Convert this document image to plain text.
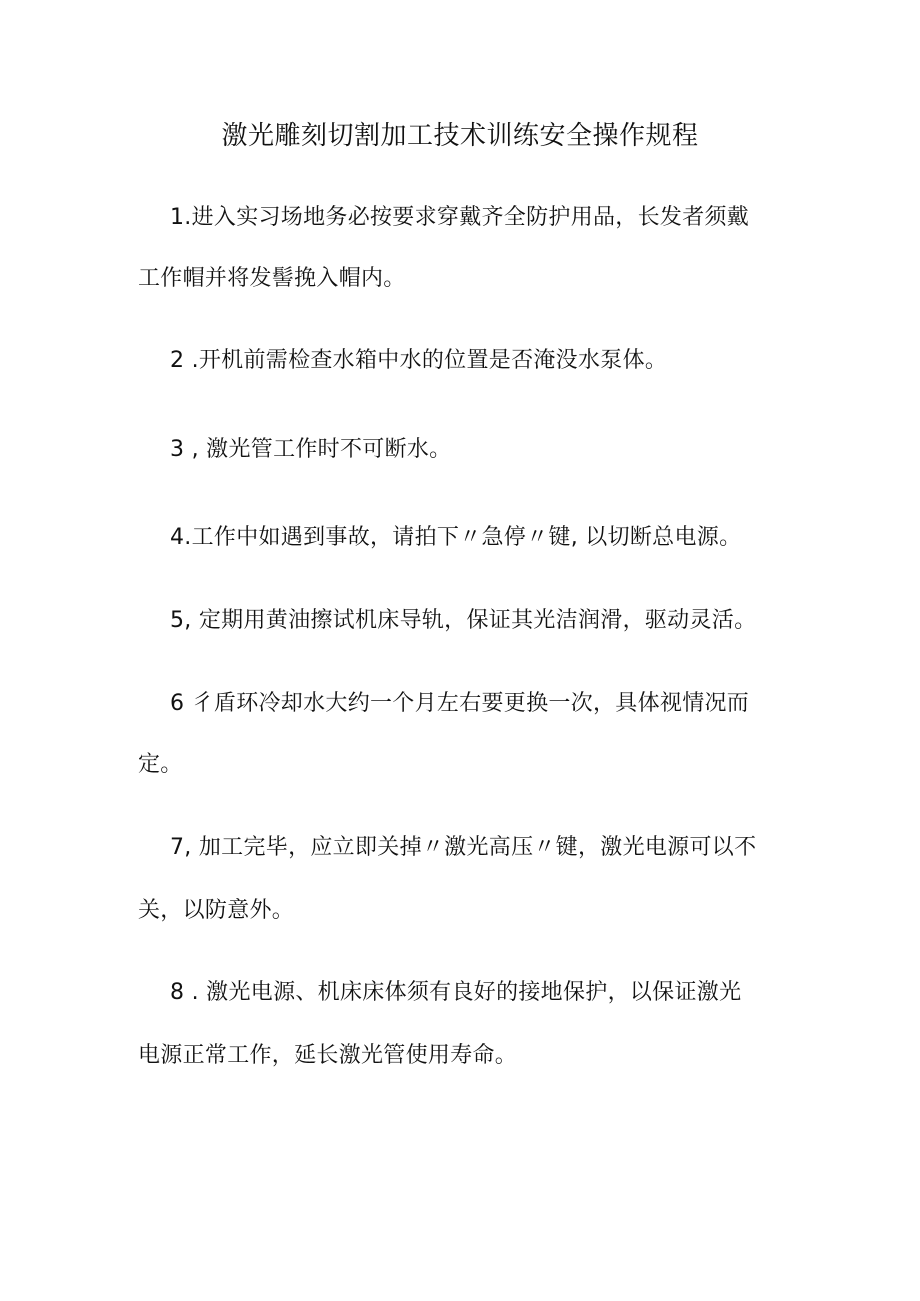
激光雕刻切割加工技术训练安全操作规程
1.进入实习场地务必按要求穿戴齐全防护用品，长发者须戴
工作帽并将发髻挽入帽内。
2 .开机前需检查水箱中水的位置是否淹没水泵体。
3 , 激光管工作时不可断水。
4.工作中如遇到事故，请拍下〃急停〃键, 以切断总电源。
5, 定期用黄油擦试机床导轨，保证其光洁润滑，驱动灵活。
6 彳盾环冷却水大约一个月左右要更换一次，具体视情况而
定。
7, 加工完毕，应立即关掉〃激光高压〃键，激光电源可以不
关，以防意外。
8 . 激光电源、机床床体须有良好的接地保护，以保证激光
电源正常工作，延长激光管使用寿命。
